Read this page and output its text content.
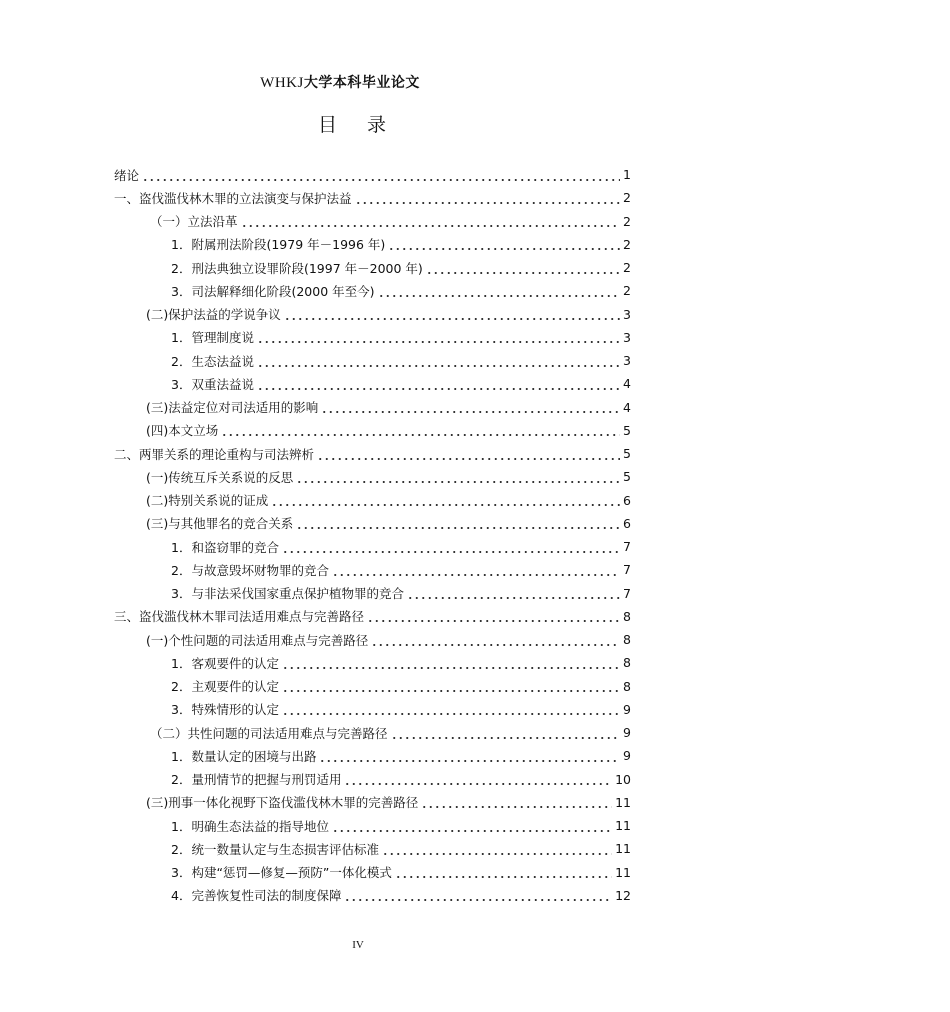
WHKJ大学本科毕业论文
目 录
绪论	1
一、盗伐滥伐林木罪的立法演变与保护法益	2
（一）立法沿革	2
1．附属刑法阶段(1979 年－1996 年)	2
2．刑法典独立设罪阶段(1997 年－2000 年)	2
3．司法解释细化阶段(2000 年至今)	2
(二)保护法益的学说争议	3
1．管理制度说	3
2．生态法益说	3
3．双重法益说	4
(三)法益定位对司法适用的影响	4
(四)本文立场	5
二、两罪关系的理论重构与司法辨析	5
(一)传统互斥关系说的反思	5
(二)特别关系说的证成	6
(三)与其他罪名的竞合关系	6
1．和盗窃罪的竞合	7
2．与故意毁坏财物罪的竞合	7
3．与非法采伐国家重点保护植物罪的竞合	7
三、盗伐滥伐林木罪司法适用难点与完善路径	8
(一)个性问题的司法适用难点与完善路径	8
1．客观要件的认定	8
2．主观要件的认定	8
3．特殊情形的认定	9
（二）共性问题的司法适用难点与完善路径	9
1．数量认定的困境与出路	9
2．量刑情节的把握与刑罚适用	10
(三)刑事一体化视野下盗伐滥伐林木罪的完善路径	11
1．明确生态法益的指导地位	11
2．统一数量认定与生态损害评估标准	11
3．构建“惩罚—修复—预防”一体化模式	11
4．完善恢复性司法的制度保障	12
IV
